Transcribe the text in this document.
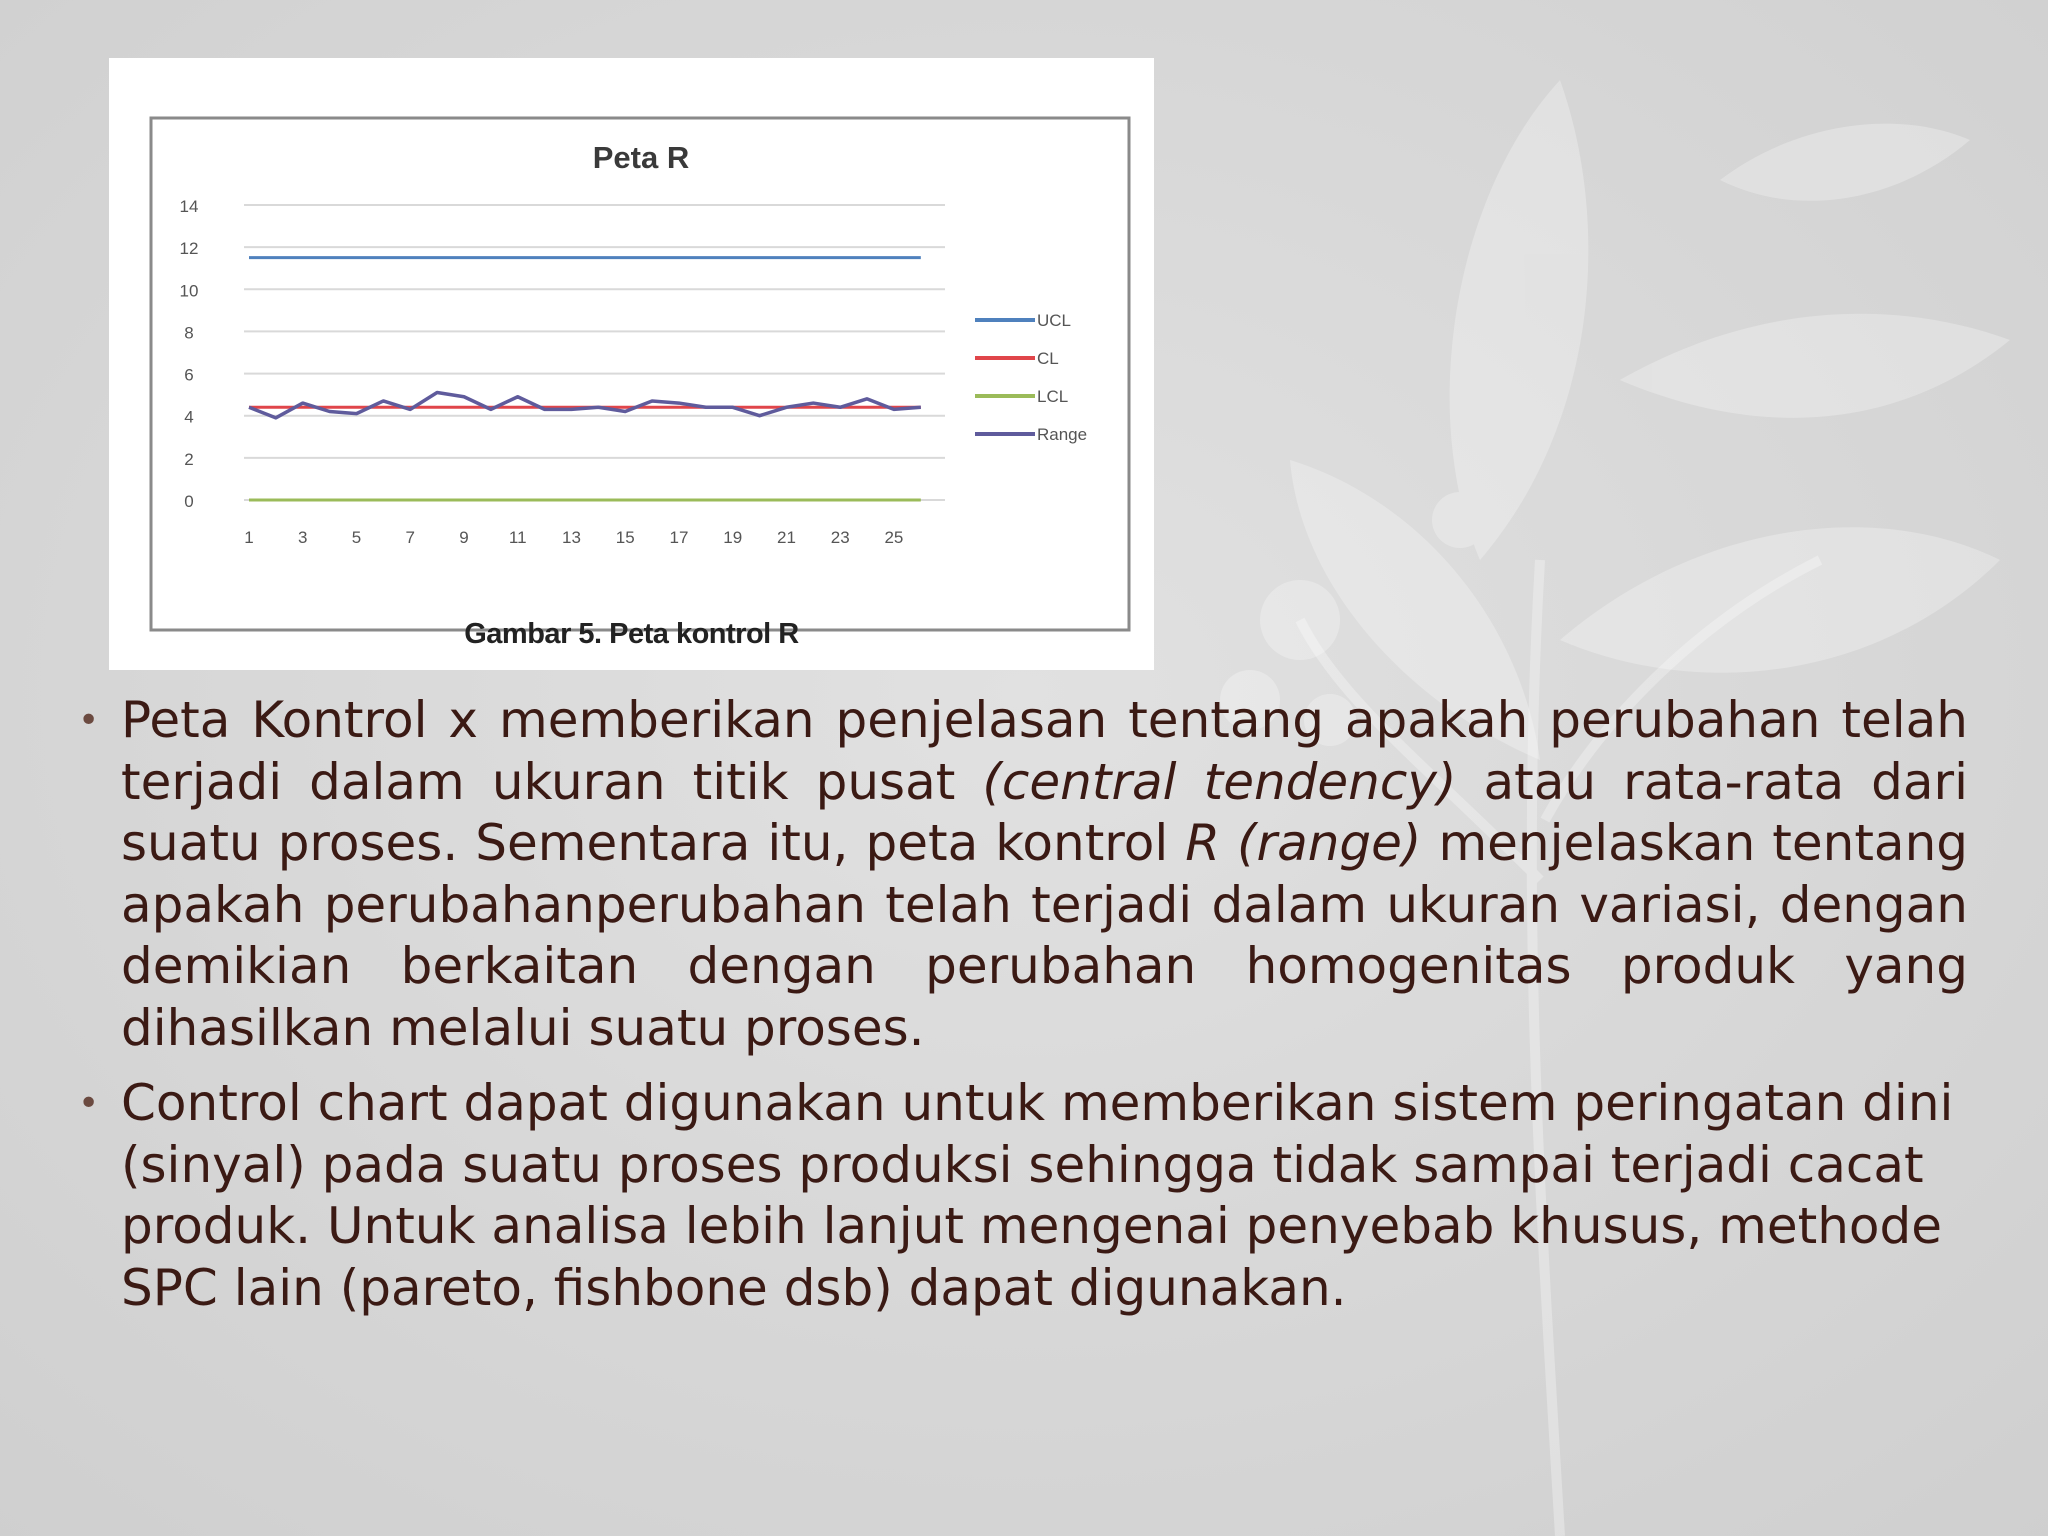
Peta R
0
2
4
6
8
10
12
14
1	3	5	7	9 11 13 15 17 19 21 23 25
UCL
CL
LCL
Range
Gambar 5. Peta kontrol R
• Peta Kontrol x memberikan penjelasan tentang apakah perubahan telah terjadi dalam ukuran titik pusat (central tendency) atau rata-rata dari suatu proses. Sementara itu, peta kontrol R (range) menjelaskan tentang apakah perubahanperubahan telah terjadi dalam ukuran variasi, dengan demikian berkaitan dengan perubahan homogenitas produk yang dihasilkan melalui suatu proses.
• Control chart dapat digunakan untuk memberikan sistem peringatan dini (sinyal) pada suatu proses produksi sehingga tidak sampai terjadi cacat produk. Untuk analisa lebih lanjut mengenai penyebab khusus, methode SPC lain (pareto, fishbone dsb) dapat digunakan.
